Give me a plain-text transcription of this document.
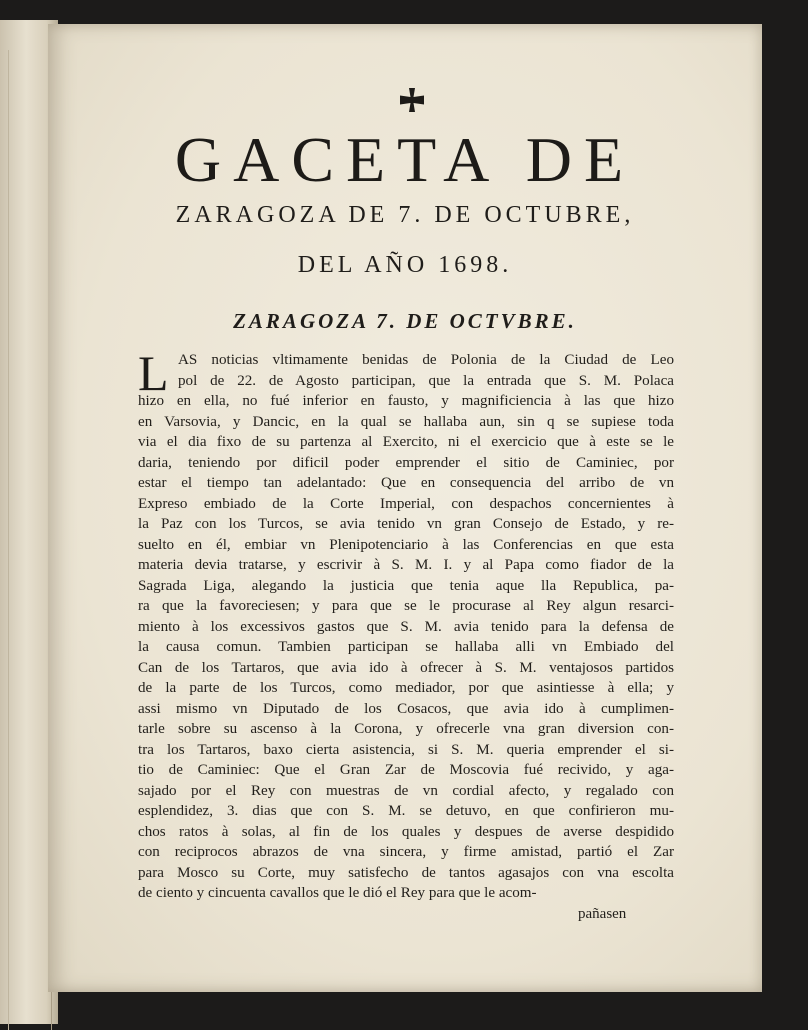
GACETA DE

ZARAGOZA DE 7. DE OCTUBRE,

DEL AÑO 1698.

ZARAGOZA 7. DE OCTVBRE.
L AS noticias vltimamente benidas de Polonia de la Ciudad de Leo
pol de 22. de Agosto participan, que la entrada que S. M. Polaca
hizo en ella, no fué inferior en fausto, y magnificiencia à las que hizo
en Varsovia, y Dancic, en la qual se hallaba aun, sin q se supiese toda
via el dia fixo de su partenza al Exercito, ni el exercicio que à este se le
daria, teniendo por dificil poder emprender el sitio de Caminiec, por
estar el tiempo tan adelantado: Que en consequencia del arribo de vn
Expreso embiado de la Corte Imperial, con despachos concernientes à
la Paz con los Turcos, se avia tenido vn gran Consejo de Estado, y re-
suelto en él, embiar vn Plenipotenciario à las Conferencias en que esta
materia devia tratarse, y escrivir à S. M. I. y al Papa como fiador de la
Sagrada Liga, alegando la justicia que tenia aque lla Republica, pa-
ra que la favoreciesen; y para que se le procurase al Rey algun resarci-
miento à los excessivos gastos que S. M. avia tenido para la defensa de
la causa comun. Tambien participan se hallaba alli vn Embiado del
Can de los Tartaros, que avia ido à ofrecer à S. M. ventajosos partidos
de la parte de los Turcos, como mediador, por que asintiesse à ella; y
assi mismo vn Diputado de los Cosacos, que avia ido à cumplimen-
tarle sobre su ascenso à la Corona, y ofrecerle vna gran diversion con-
tra los Tartaros, baxo cierta asistencia, si S. M. queria emprender el si-
tio de Caminiec: Que el Gran Zar de Moscovia fué recivido, y aga-
sajado por el Rey con muestras de vn cordial afecto, y regalado con
esplendidez, 3. dias que con S. M. se detuvo, en que confirieron mu-
chos ratos à solas, al fin de los quales y despues de averse despidido
con reciprocos abrazos de vna sincera, y firme amistad, partió el Zar
para Mosco su Corte, muy satisfecho de tantos agasajos con vna escolta
de ciento y cincuenta cavallos que le dió el Rey para que le acom-

pañasen
